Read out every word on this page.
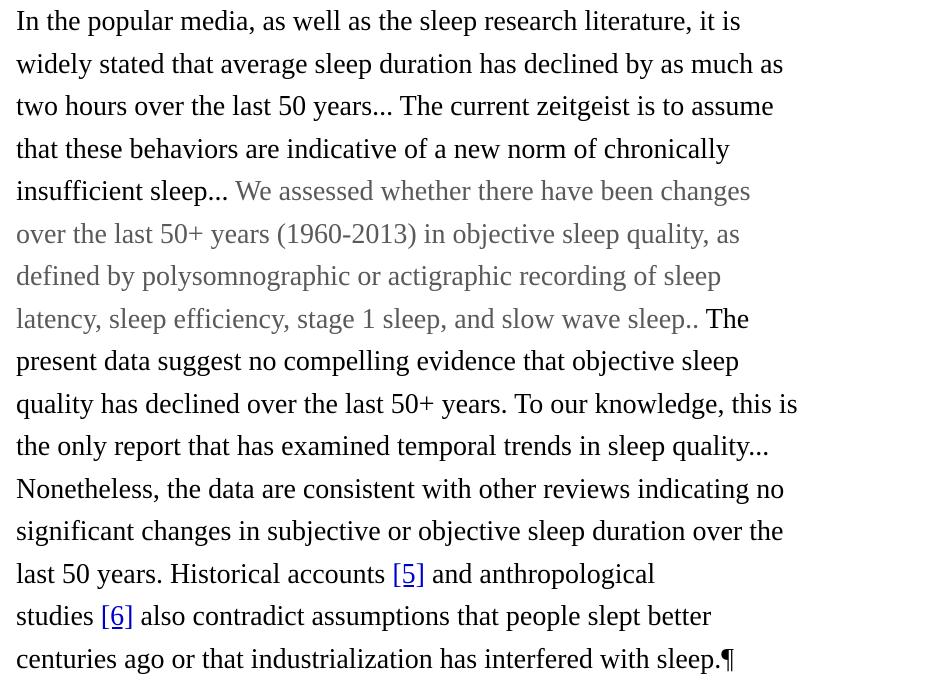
In the popular media, as well as the sleep research literature, it is
widely stated that average sleep duration has declined by as much as
two hours over the last 50 years... The current zeitgeist is to assume
that these behaviors are indicative of a new norm of chronically
insufficient sleep... We assessed whether there have been changes
over the last 50+ years (1960-2013) in objective sleep quality, as
defined by polysomnographic or actigraphic recording of sleep
latency, sleep efficiency, stage 1 sleep, and slow wave sleep.. The
present data suggest no compelling evidence that objective sleep
quality has declined over the last 50+ years. To our knowledge, this is
the only report that has examined temporal trends in sleep quality...
Nonetheless, the data are consistent with other reviews indicating no
significant changes in subjective or objective sleep duration over the
last 50 years. Historical accounts [5] and anthropological
studies [6] also contradict assumptions that people slept better
centuries ago or that industrialization has interfered with sleep.¶
